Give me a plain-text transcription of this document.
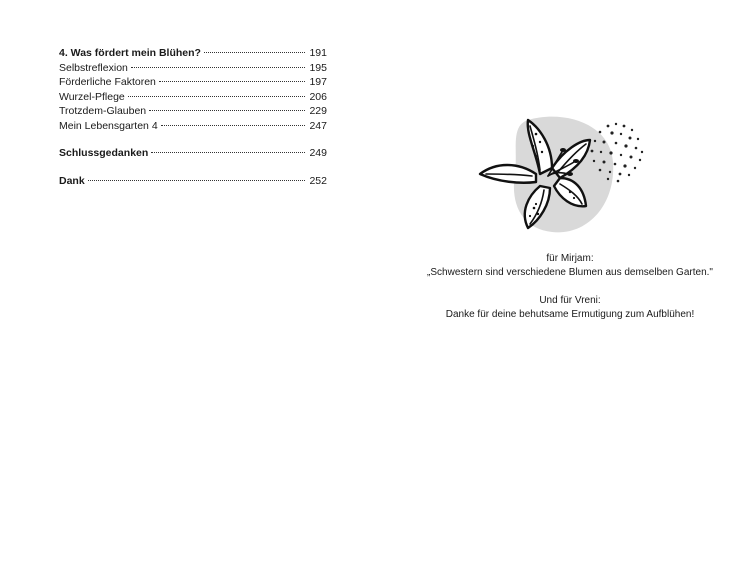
4. Was fördert mein Blühen?	191
Selbstreflexion	195
Förderliche Faktoren	197
Wurzel-Pflege	206
Trotzdem-Glauben	229
Mein Lebensgarten 4	247
Schlussgedanken	249
Dank	252

für Mirjam:

„Schwestern sind verschiedene Blumen aus demselben Garten."

Und für Vreni:

Danke für deine behutsame Ermutigung zum Aufblühen!
